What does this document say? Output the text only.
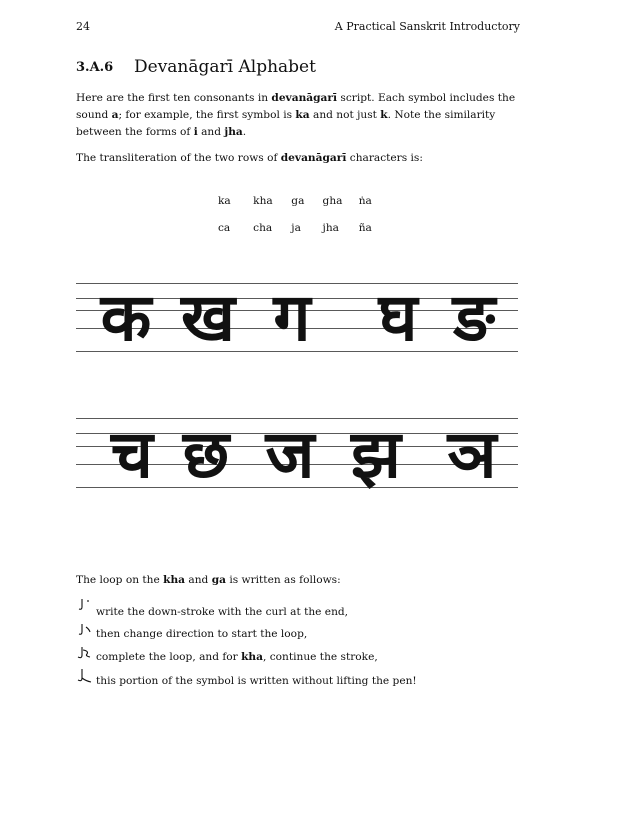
24	A Practical Sanskrit Introductory
3.A.6 Devanāgarī Alphabet
Here are the first ten consonants in devanāgarī script. Each symbol includes the
sound a; for example, the first symbol is ka and not just k. Note the similarity
between the forms of i and jha.
The transliteration of the two rows of devanāgarī characters is:
ka	kha	ga	gha	ṅa
ca	cha	ja	jha	ña
क ख ग घ ङ
च छ ज झ ञ
The loop on the kha and ga is written as follows:
write the down-stroke with the curl at the end,
then change direction to start the loop,
complete the loop, and for kha, continue the stroke,
this portion of the symbol is written without lifting the pen!
